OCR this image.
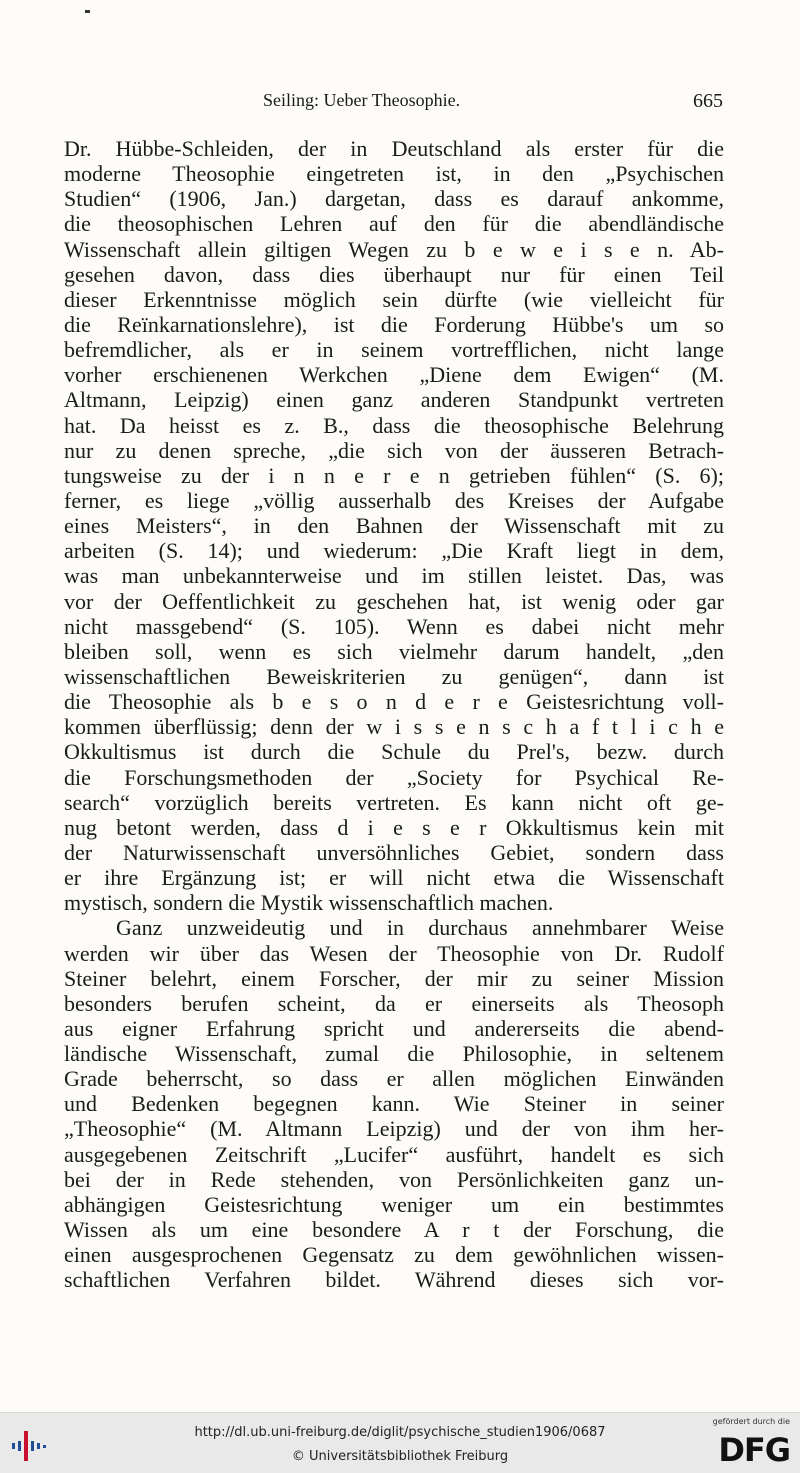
Seiling: Ueber Theosophie.	665
Dr. Hübbe-Schleiden, der in Deutschland als erster für die
moderne Theosophie eingetreten ist, in den „Psychischen
Studien“ (1906, Jan.) dargetan, dass es darauf ankomme,
die theosophischen Lehren auf den für die abendländische
Wissenschaft allein giltigen Wegen zu b e w e i s e n. Ab-
gesehen davon, dass dies überhaupt nur für einen Teil
dieser Erkenntnisse möglich sein dürfte (wie vielleicht für
die Reïnkarnationslehre), ist die Forderung Hübbe's um so
befremdlicher, als er in seinem vortrefflichen, nicht lange
vorher erschienenen Werkchen „Diene dem Ewigen“ (M.
Altmann, Leipzig) einen ganz anderen Standpunkt vertreten
hat. Da heisst es z. B., dass die theosophische Belehrung
nur zu denen spreche, „die sich von der äusseren Betrach-
tungsweise zu der i n n e r e n getrieben fühlen“ (S. 6);
ferner, es liege „völlig ausserhalb des Kreises der Aufgabe
eines Meisters“, in den Bahnen der Wissenschaft mit zu
arbeiten (S. 14); und wiederum: „Die Kraft liegt in dem,
was man unbekannterweise und im stillen leistet. Das, was
vor der Oeffentlichkeit zu geschehen hat, ist wenig oder gar
nicht massgebend“ (S. 105). Wenn es dabei nicht mehr
bleiben soll, wenn es sich vielmehr darum handelt, „den
wissenschaftlichen Beweiskriterien zu genügen“, dann ist
die Theosophie als b e s o n d e r e Geistesrichtung voll-
kommen überflüssig; denn der w i s s e n s c h a f t l i c h e
Okkultismus ist durch die Schule du Prel's, bezw. durch
die Forschungsmethoden der „Society for Psychical Re-
search“ vorzüglich bereits vertreten. Es kann nicht oft ge-
nug betont werden, dass d i e s e r Okkultismus kein mit
der Naturwissenschaft unversöhnliches Gebiet, sondern dass
er ihre Ergänzung ist; er will nicht etwa die Wissenschaft
mystisch, sondern die Mystik wissenschaftlich machen.
Ganz unzweideutig und in durchaus annehmbarer Weise
werden wir über das Wesen der Theosophie von Dr. Rudolf
Steiner belehrt, einem Forscher, der mir zu seiner Mission
besonders berufen scheint, da er einerseits als Theosoph
aus eigner Erfahrung spricht und andererseits die abend-
ländische Wissenschaft, zumal die Philosophie, in seltenem
Grade beherrscht, so dass er allen möglichen Einwänden
und Bedenken begegnen kann. Wie Steiner in seiner
„Theosophie“ (M. Altmann Leipzig) und der von ihm her-
ausgegebenen Zeitschrift „Lucifer“ ausführt, handelt es sich
bei der in Rede stehenden, von Persönlichkeiten ganz un-
abhängigen Geistesrichtung weniger um ein bestimmtes
Wissen als um eine besondere A r t der Forschung, die
einen ausgesprochenen Gegensatz zu dem gewöhnlichen wissen-
schaftlichen Verfahren bildet. Während dieses sich vor-
http://dl.ub.uni-freiburg.de/diglit/psychische_studien1906/0687
© Universitätsbibliothek Freiburg
gefördert durch die
DFG
